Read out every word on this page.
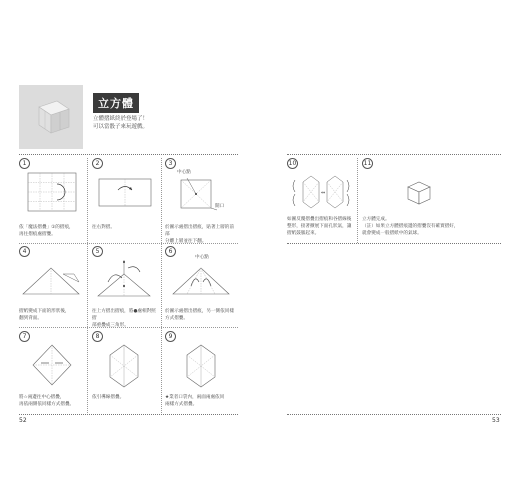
立方體
立體摺紙終於登場了！
可以當骰子來玩遊戲。
1
依「魔法摺疊」①的摺痕，
再往摺痕處摺疊。
2
往右對摺。
3
中心點
開口
於圖示處摺出摺痕，貼著上層的前部
分離上層並往下翻。
4
摺紙變成下面的形狀後，
翻到背面。
5
往上方摺出摺痕，將●處相對照摺
部重疊成三角形。
6
中心點
於圖示處摺出摺痕，另一側依同樣
方式摺疊。
7
將☆兩邊往中心摺疊，
再依兩側依同樣方式摺疊。
8
依引導線摺疊。
9
★業者口袋內，兩面兩處依同
兩樣方式摺疊。
10
⇔
如圖反覆摺疊出摺痕和谷摺線後
整形，接著擴展下面孔狀氣，讓
摺紙鼓脹起來。
11
立方體完成。
（註）如果立方體摺痕邊的摺疊沒有確實摺好，
就會變成一般摺紙中的氣球。
52	53
